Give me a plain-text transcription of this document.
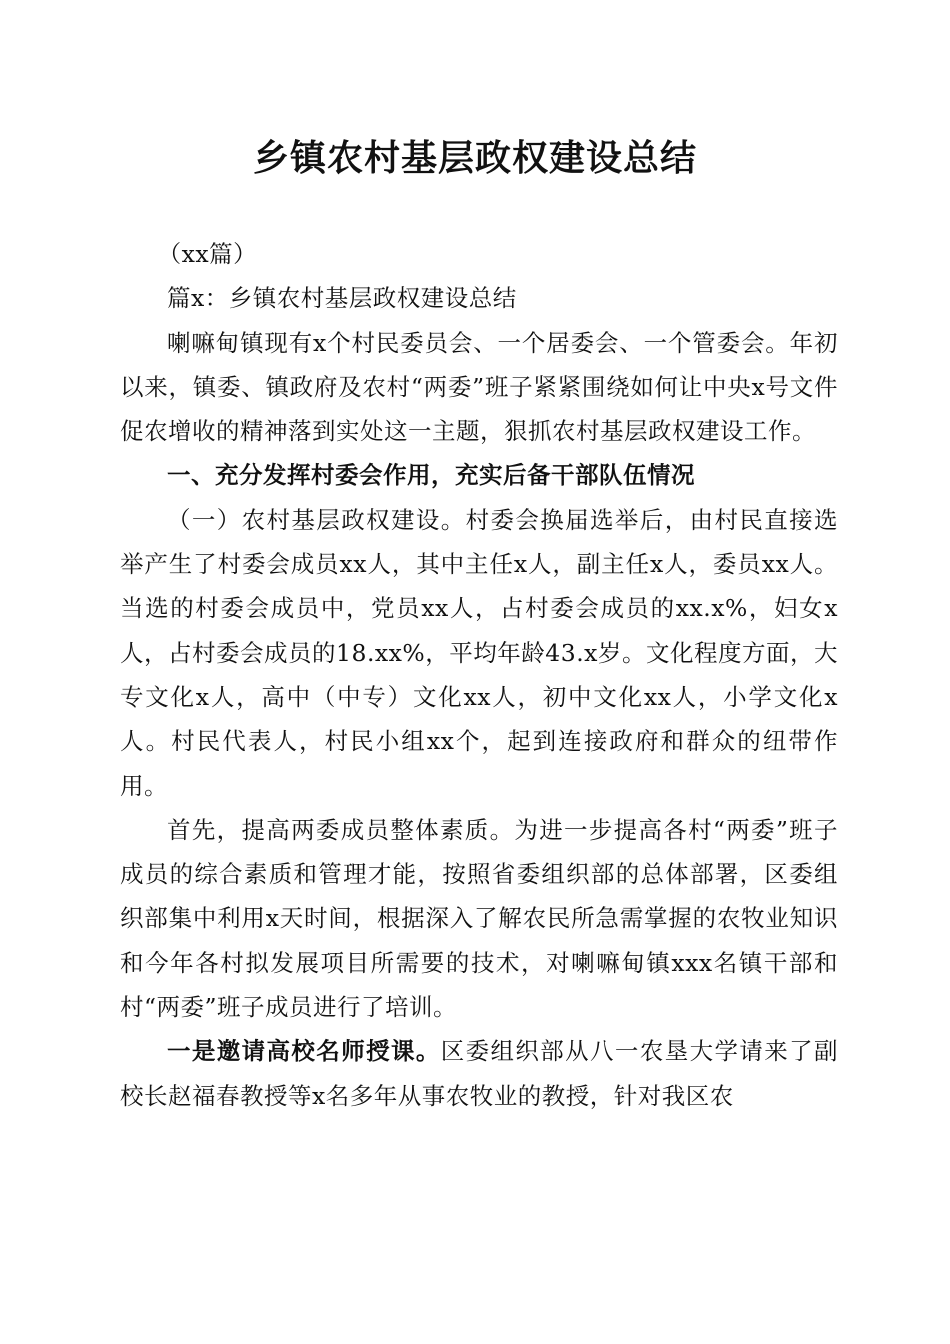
乡镇农村基层政权建设总结

（xx篇）

篇x：乡镇农村基层政权建设总结

喇嘛甸镇现有x个村民委员会、一个居委会、一个管委会。年初以来，镇委、镇政府及农村“两委”班子紧紧围绕如何让中央x号文件促农增收的精神落到实处这一主题，狠抓农村基层政权建设工作。

一、充分发挥村委会作用，充实后备干部队伍情况

（一）农村基层政权建设。村委会换届选举后，由村民直接选举产生了村委会成员xx人，其中主任x人，副主任x人，委员xx人。当选的村委会成员中，党员xx人，占村委会成员的xx.x%，妇女x人，占村委会成员的18.xx%，平均年龄43.x岁。文化程度方面，大专文化x人，高中（中专）文化xx人，初中文化xx人，小学文化x人。村民代表人，村民小组xx个，起到连接政府和群众的纽带作用。

首先，提高两委成员整体素质。为进一步提高各村“两委”班子成员的综合素质和管理才能，按照省委组织部的总体部署，区委组织部集中利用x天时间，根据深入了解农民所急需掌握的农牧业知识和今年各村拟发展项目所需要的技术，对喇嘛甸镇xxx名镇干部和村“两委”班子成员进行了培训。

一是邀请高校名师授课。区委组织部从八一农垦大学请来了副校长赵福春教授等x名多年从事农牧业的教授，针对我区农
